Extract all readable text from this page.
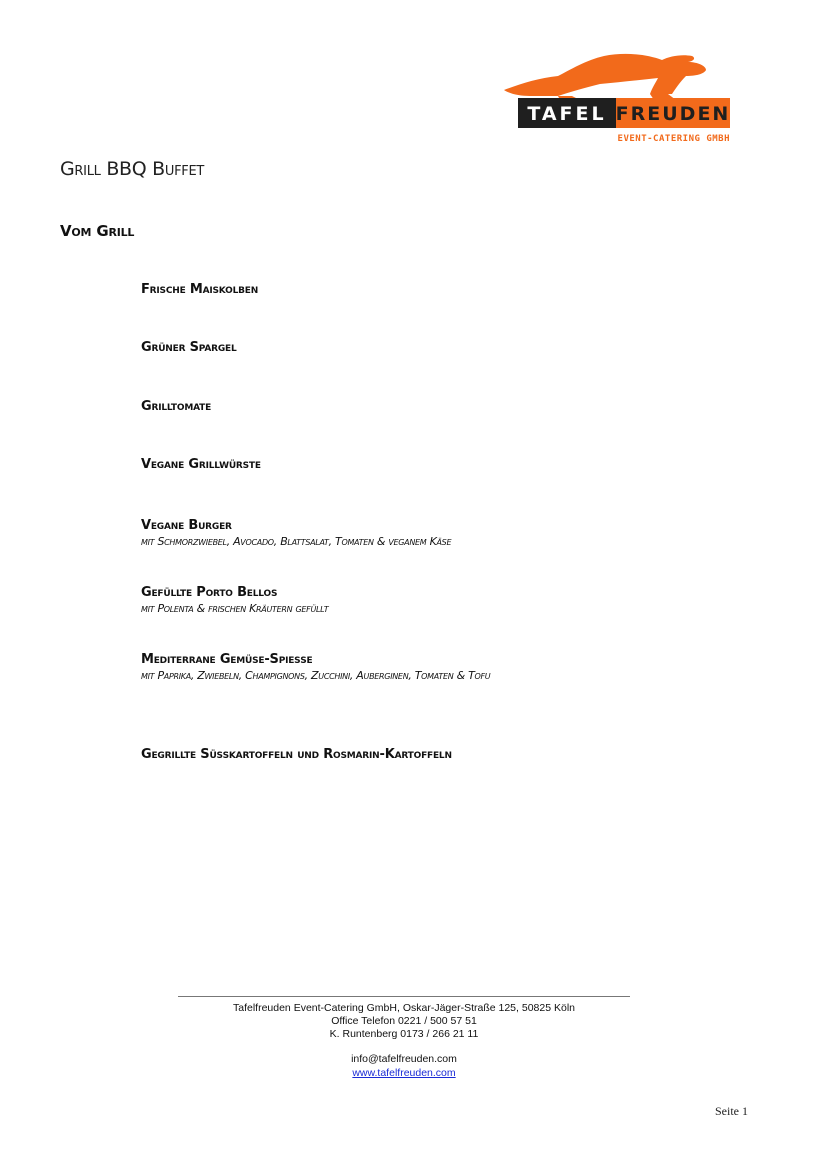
TAFEL FREUDEN
EVENT-CATERING GMBH
Grill BBQ Buffet
Vom Grill
Frische Maiskolben
Grüner Spargel
Grilltomate
Vegane Grillwürste
Vegane Burger
mit Schmorzwiebel, Avocado, Blattsalat, Tomaten & veganem Käse
Gefüllte Porto Bellos
mit Polenta & frischen Kräutern gefüllt
Mediterrane Gemüse-Spieße
mit Paprika, Zwiebeln, Champignons, Zucchini, Auberginen, Tomaten & Tofu
Gegrillte Süßkartoffeln und Rosmarin-Kartoffeln
Tafelfreuden Event-Catering GmbH, Oskar-Jäger-Straße 125, 50825 Köln
Office Telefon 0221 / 500 57 51
K. Runtenberg 0173 / 266 21 11
info@tafelfreuden.com
www.tafelfreuden.com
Seite 1
